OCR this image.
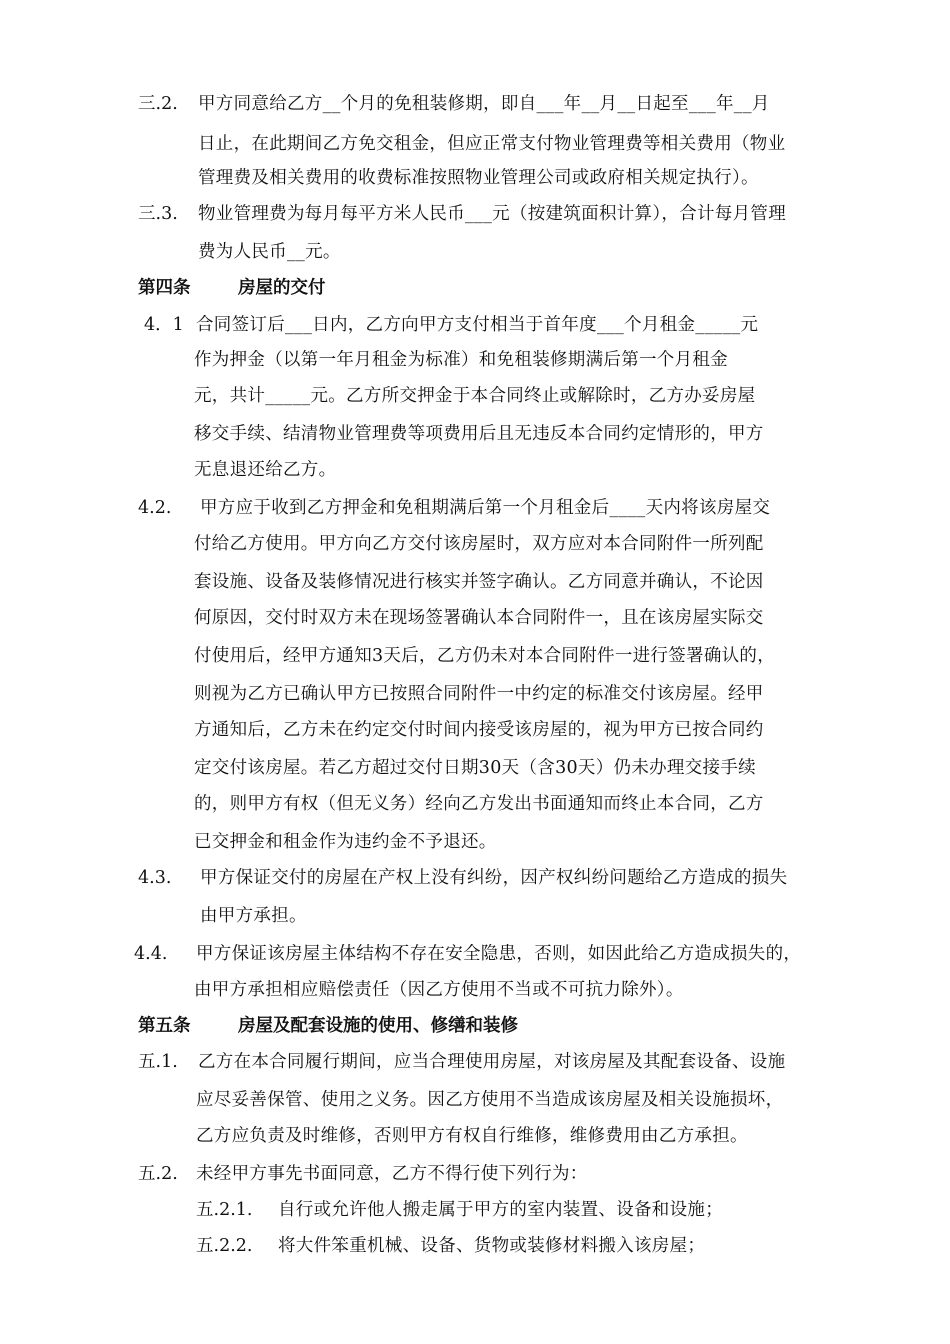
三.2. 甲方同意给乙方__个月的免租装修期，即自___年__月__日起至___年__月
日止，在此期间乙方免交租金，但应正常支付物业管理费等相关费用（物业
管理费及相关费用的收费标准按照物业管理公司或政府相关规定执行）。
三.3. 物业管理费为每月每平方米人民币___元（按建筑面积计算），合计每月管理
费为人民币__元。
第四条	房屋的交付
4．1 合同签订后___日内，乙方向甲方支付相当于首年度___个月租金_____元
作为押金（以第一年月租金为标准）和免租装修期满后第一个月租金
元，共计_____元。乙方所交押金于本合同终止或解除时，乙方办妥房屋
移交手续、结清物业管理费等项费用后且无违反本合同约定情形的，甲方
无息退还给乙方。
4.2. 甲方应于收到乙方押金和免租期满后第一个月租金后____天内将该房屋交
付给乙方使用。甲方向乙方交付该房屋时，双方应对本合同附件一所列配
套设施、设备及装修情况进行核实并签字确认。乙方同意并确认，不论因
何原因，交付时双方未在现场签署确认本合同附件一，且在该房屋实际交
付使用后，经甲方通知3天后，乙方仍未对本合同附件一进行签署确认的，
则视为乙方已确认甲方已按照合同附件一中约定的标准交付该房屋。经甲
方通知后，乙方未在约定交付时间内接受该房屋的，视为甲方已按合同约
定交付该房屋。若乙方超过交付日期30天（含30天）仍未办理交接手续
的，则甲方有权（但无义务）经向乙方发出书面通知而终止本合同，乙方
已交押金和租金作为违约金不予退还。
4.3. 甲方保证交付的房屋在产权上没有纠纷，因产权纠纷问题给乙方造成的损失
由甲方承担。
4.4. 甲方保证该房屋主体结构不存在安全隐患，否则，如因此给乙方造成损失的，
由甲方承担相应赔偿责任（因乙方使用不当或不可抗力除外）。
第五条	房屋及配套设施的使用、修缮和装修
五.1. 乙方在本合同履行期间，应当合理使用房屋，对该房屋及其配套设备、设施
应尽妥善保管、使用之义务。因乙方使用不当造成该房屋及相关设施损坏，
乙方应负责及时维修，否则甲方有权自行维修，维修费用由乙方承担。
五.2. 未经甲方事先书面同意，乙方不得行使下列行为：
五.2.1. 自行或允许他人搬走属于甲方的室内装置、设备和设施；
五.2.2. 将大件笨重机械、设备、货物或装修材料搬入该房屋；
